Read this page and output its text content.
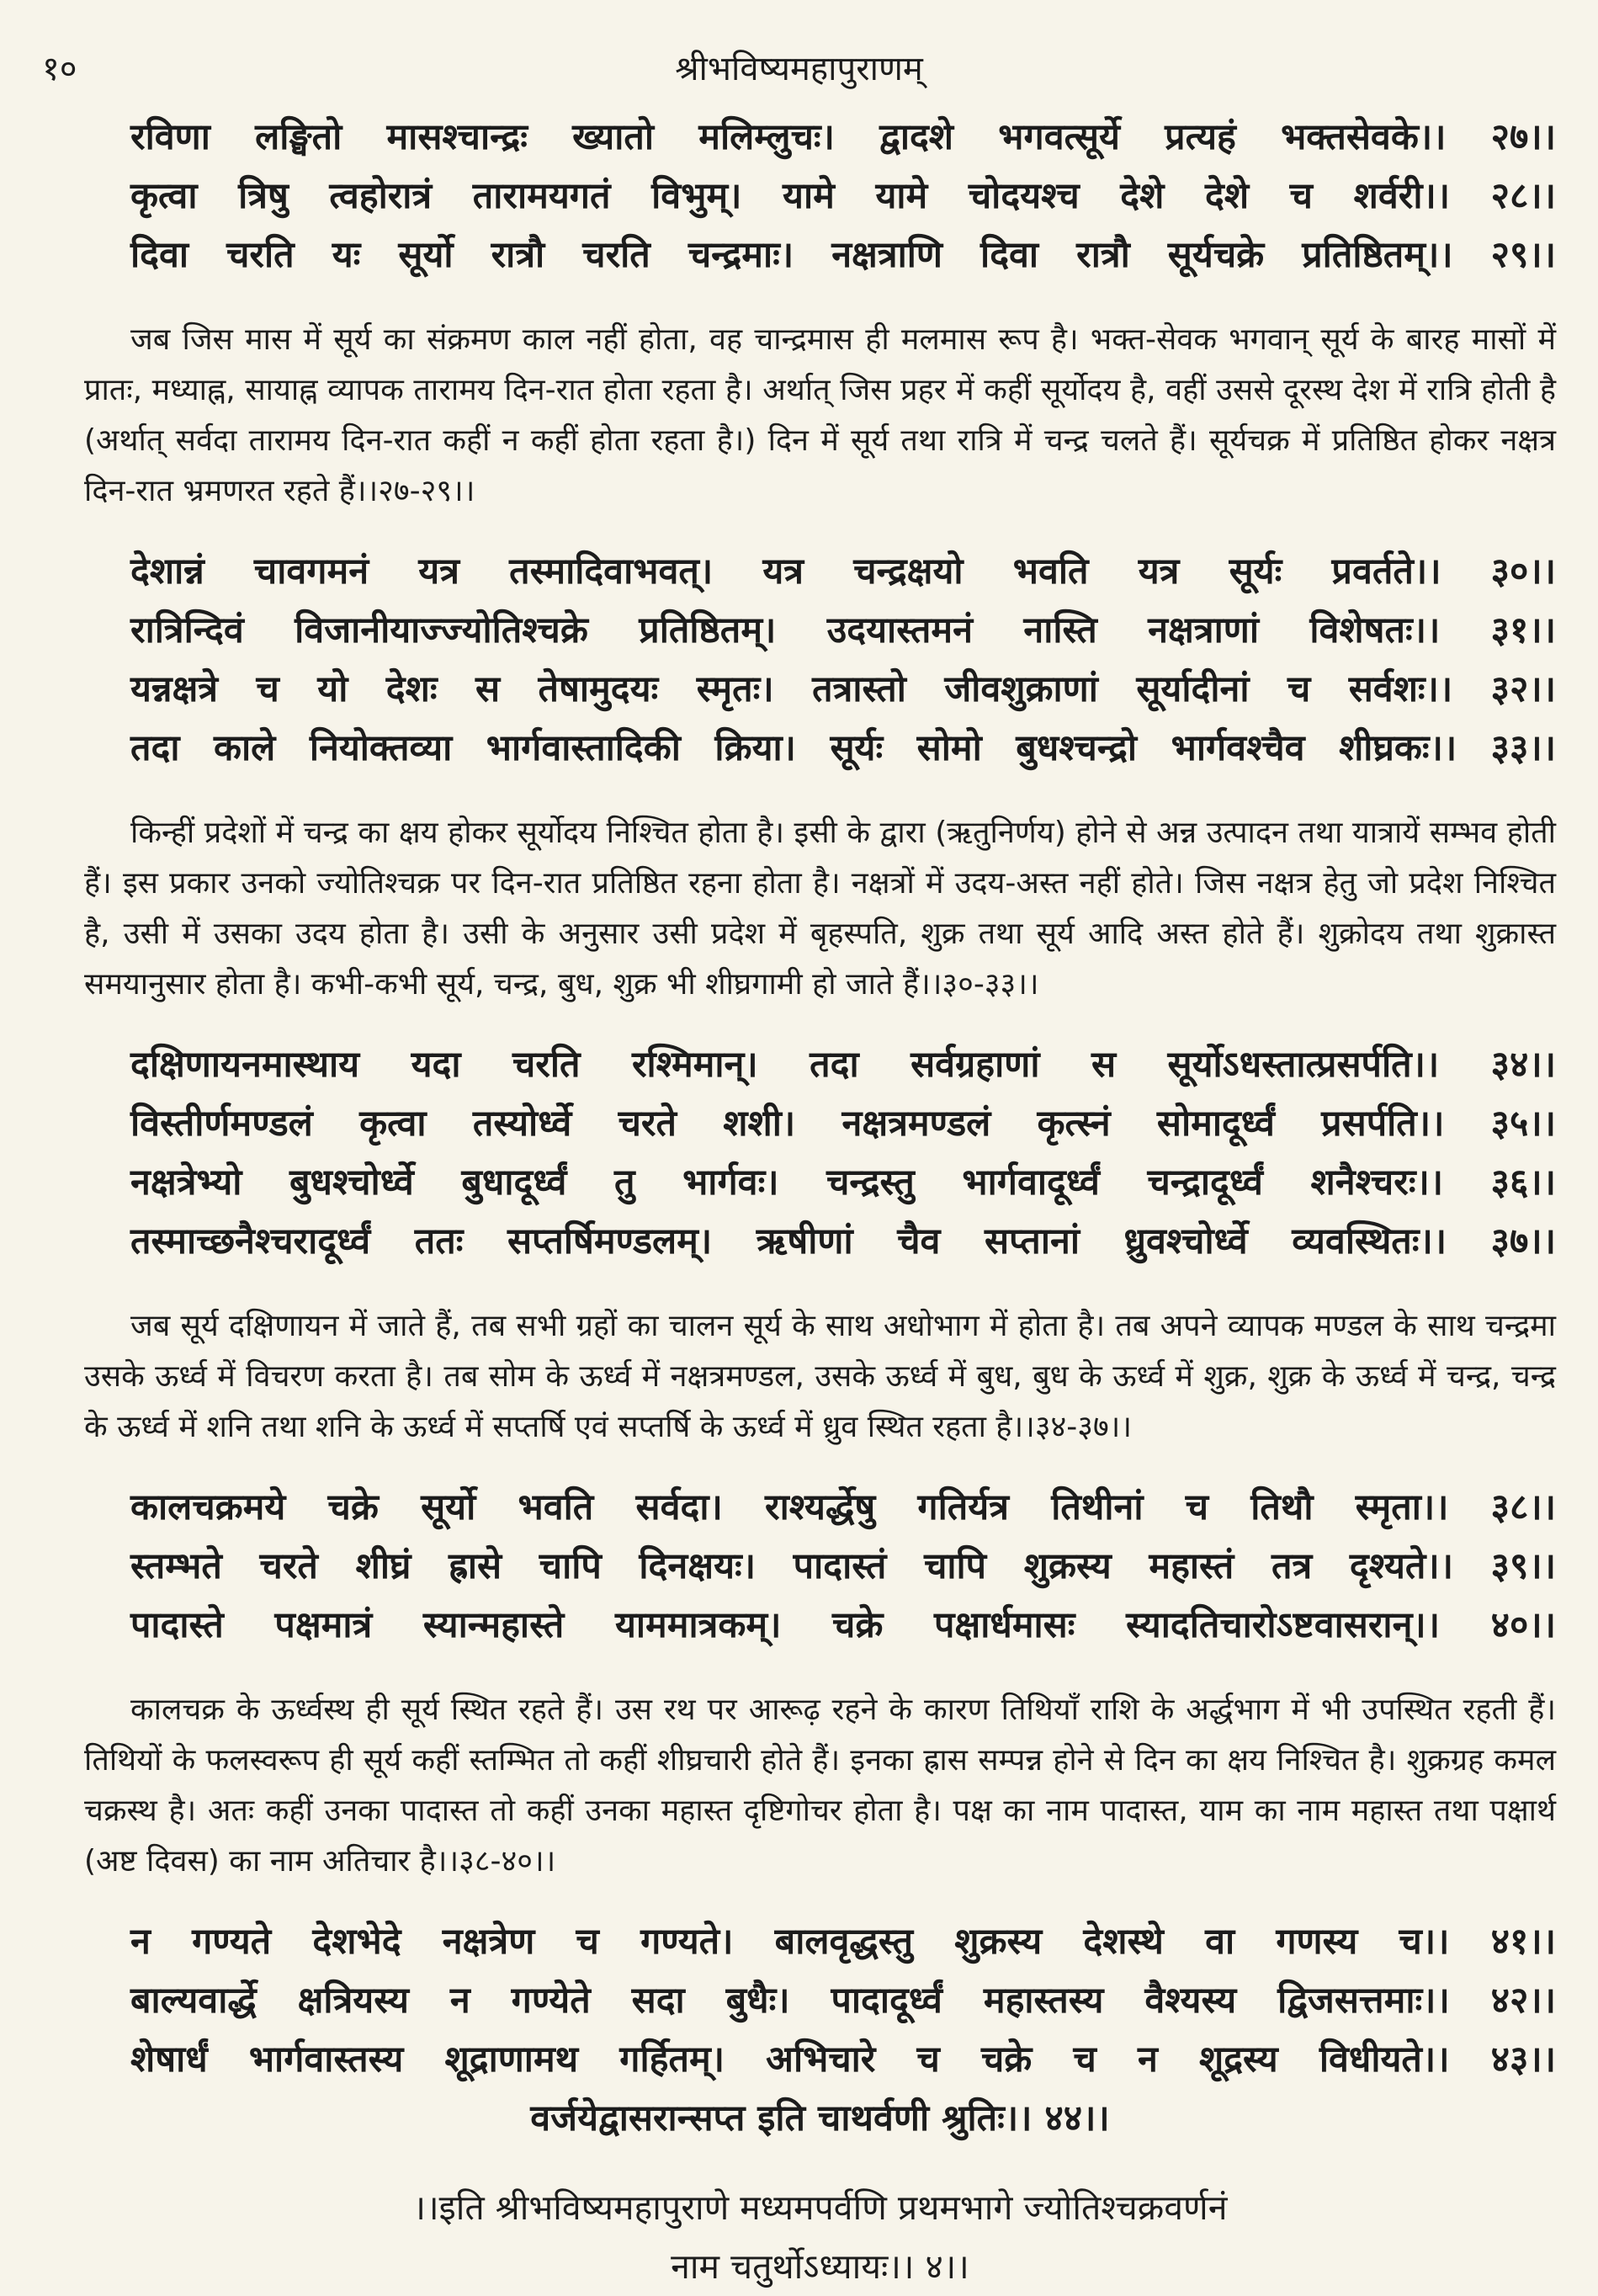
१०	श्रीभविष्यमहापुराणम्
रविणा लङ्घितो मासश्चान्द्रः ख्यातो मलिम्लुचः। द्वादशे भगवत्सूर्ये प्रत्यहं भक्तसेवके।। २७।।
कृत्वा त्रिषु त्वहोरात्रं तारामयगतं विभुम्। यामे यामे चोदयश्च देशे देशे च शर्वरी।। २८।।
दिवा चरति यः सूर्यो रात्रौ चरति चन्द्रमाः। नक्षत्राणि दिवा रात्रौ सूर्यचक्रे प्रतिष्ठितम्।। २९।।

जब जिस मास में सूर्य का संक्रमण काल नहीं होता, वह चान्द्रमास ही मलमास रूप है। भक्त-सेवक भगवान् सूर्य के बारह मासों में प्रातः, मध्याह्न, सायाह्न व्यापक तारामय दिन-रात होता रहता है। अर्थात् जिस प्रहर में कहीं सूर्योदय है, वहीं उससे दूरस्थ देश में रात्रि होती है (अर्थात् सर्वदा तारामय दिन-रात कहीं न कहीं होता रहता है।) दिन में सूर्य तथा रात्रि में चन्द्र चलते हैं। सूर्यचक्र में प्रतिष्ठित होकर नक्षत्र दिन-रात भ्रमणरत रहते हैं।।२७-२९।।

देशान्नं चावगमनं यत्र तस्मादिवाभवत्। यत्र चन्द्रक्षयो भवति यत्र सूर्यः प्रवर्तते।। ३०।।
रात्रिन्दिवं विजानीयाज्ज्योतिश्चक्रे प्रतिष्ठितम्। उदयास्तमनं नास्ति नक्षत्राणां विशेषतः।। ३१।।
यन्नक्षत्रे च यो देशः स तेषामुदयः स्मृतः। तत्रास्तो जीवशुक्राणां सूर्यादीनां च सर्वशः।। ३२।।
तदा काले नियोक्तव्या भार्गवास्तादिकी क्रिया। सूर्यः सोमो बुधश्चन्द्रो भार्गवश्चैव शीघ्रकः।। ३३।।

किन्हीं प्रदेशों में चन्द्र का क्षय होकर सूर्योदय निश्चित होता है। इसी के द्वारा (ऋतुनिर्णय) होने से अन्न उत्पादन तथा यात्रायें सम्भव होती हैं। इस प्रकार उनको ज्योतिश्चक्र पर दिन-रात प्रतिष्ठित रहना होता है। नक्षत्रों में उदय-अस्त नहीं होते। जिस नक्षत्र हेतु जो प्रदेश निश्चित है, उसी में उसका उदय होता है। उसी के अनुसार उसी प्रदेश में बृहस्पति, शुक्र तथा सूर्य आदि अस्त होते हैं। शुक्रोदय तथा शुक्रास्त समयानुसार होता है। कभी-कभी सूर्य, चन्द्र, बुध, शुक्र भी शीघ्रगामी हो जाते हैं।।३०-३३।।

दक्षिणायनमास्थाय यदा चरति रश्मिमान्। तदा सर्वग्रहाणां स सूर्योऽधस्तात्प्रसर्पति।। ३४।।
विस्तीर्णमण्डलं कृत्वा तस्योर्ध्वे चरते शशी। नक्षत्रमण्डलं कृत्स्नं सोमादूर्ध्वं प्रसर्पति।। ३५।।
नक्षत्रेभ्यो बुधश्चोर्ध्वे बुधादूर्ध्वं तु भार्गवः। चन्द्रस्तु भार्गवादूर्ध्वं चन्द्रादूर्ध्वं शनैश्चरः।। ३६।।
तस्माच्छनैश्चरादूर्ध्वं ततः सप्तर्षिमण्डलम्। ऋषीणां चैव सप्तानां ध्रुवश्चोर्ध्वे व्यवस्थितः।। ३७।।

जब सूर्य दक्षिणायन में जाते हैं, तब सभी ग्रहों का चालन सूर्य के साथ अधोभाग में होता है। तब अपने व्यापक मण्डल के साथ चन्द्रमा उसके ऊर्ध्व में विचरण करता है। तब सोम के ऊर्ध्व में नक्षत्रमण्डल, उसके ऊर्ध्व में बुध, बुध के ऊर्ध्व में शुक्र, शुक्र के ऊर्ध्व में चन्द्र, चन्द्र के ऊर्ध्व में शनि तथा शनि के ऊर्ध्व में सप्तर्षि एवं सप्तर्षि के ऊर्ध्व में ध्रुव स्थित रहता है।।३४-३७।।

कालचक्रमये चक्रे सूर्यो भवति सर्वदा। राश्यर्द्धेषु गतिर्यत्र तिथीनां च तिथौ स्मृता।। ३८।।
स्तम्भते चरते शीघ्रं ह्रासे चापि दिनक्षयः। पादास्तं चापि शुक्रस्य महास्तं तत्र दृश्यते।। ३९।।
पादास्ते पक्षमात्रं स्यान्महास्ते याममात्रकम्। चक्रे पक्षार्धमासः स्यादतिचारोऽष्टवासरान्।। ४०।।

कालचक्र के ऊर्ध्वस्थ ही सूर्य स्थित रहते हैं। उस रथ पर आरूढ़ रहने के कारण तिथियाँ राशि के अर्द्धभाग में भी उपस्थित रहती हैं। तिथियों के फलस्वरूप ही सूर्य कहीं स्तम्भित तो कहीं शीघ्रचारी होते हैं। इनका ह्रास सम्पन्न होने से दिन का क्षय निश्चित है। शुक्रग्रह कमल चक्रस्थ है। अतः कहीं उनका पादास्त तो कहीं उनका महास्त दृष्टिगोचर होता है। पक्ष का नाम पादास्त, याम का नाम महास्त तथा पक्षार्थ (अष्ट दिवस) का नाम अतिचार है।।३८-४०।।

न गण्यते देशभेदे नक्षत्रेण च गण्यते। बालवृद्धस्तु शुक्रस्य देशस्थे वा गणस्य च।। ४१।।
बाल्यवार्द्धे क्षत्रियस्य न गण्येते सदा बुधैः। पादादूर्ध्वं महास्तस्य वैश्यस्य द्विजसत्तमाः।। ४२।।
शेषार्धं भार्गवास्तस्य शूद्राणामथ गर्हितम्। अभिचारे च चक्रे च न शूद्रस्य विधीयते।। ४३।।
वर्जयेद्वासरान्सप्त इति चाथर्वणी श्रुतिः।। ४४।।
।।इति श्रीभविष्यमहापुराणे मध्यमपर्वणि प्रथमभागे ज्योतिश्चक्रवर्णनं
नाम चतुर्थोऽध्यायः।। ४।।
